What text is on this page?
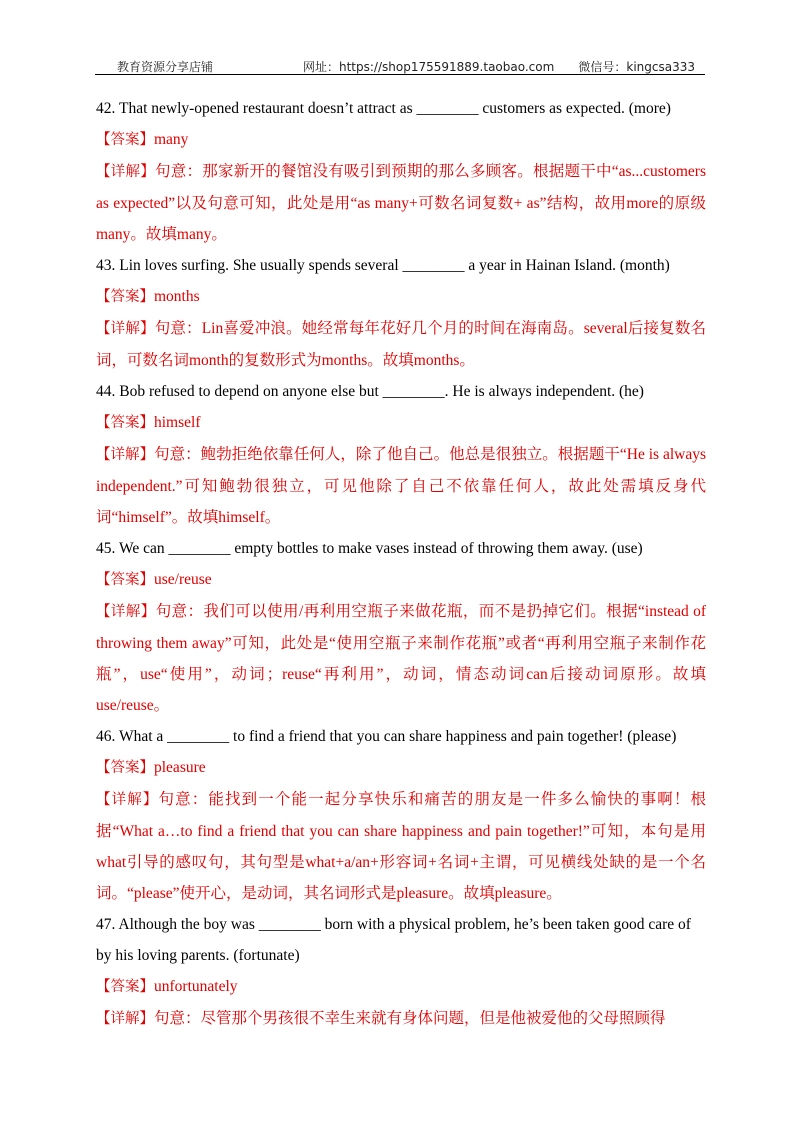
教育资源分享店铺	网址：https://shop175591889.taobao.com 微信号：kingcsa333
42. That newly-opened restaurant doesn’t attract as ________ customers as expected. (more)
【答案】many
【详解】句意：那家新开的餐馆没有吸引到预期的那么多顾客。根据题干中“as...customers as expected”以及句意可知，此处是用“as many+可数名词复数+ as”结构，故用more的原级many。故填many。
43. Lin loves surfing. She usually spends several ________ a year in Hainan Island. (month)
【答案】months
【详解】句意：Lin喜爱冲浪。她经常每年花好几个月的时间在海南岛。several后接复数名词，可数名词month的复数形式为months。故填months。
44. Bob refused to depend on anyone else but ________. He is always independent. (he)
【答案】himself
【详解】句意：鲍勃拒绝依靠任何人，除了他自己。他总是很独立。根据题干“He is always independent.”可知鲍勃很独立，可见他除了自己不依靠任何人，故此处需填反身代词“himself”。故填himself。
45. We can ________ empty bottles to make vases instead of throwing them away. (use)
【答案】use/reuse
【详解】句意：我们可以使用/再利用空瓶子来做花瓶，而不是扔掉它们。根据“instead of throwing them away”可知，此处是“使用空瓶子来制作花瓶”或者“再利用空瓶子来制作花瓶”，use“使用”，动词；reuse“再利用”，动词，情态动词can后接动词原形。故填use/reuse。
46. What a ________ to find a friend that you can share happiness and pain together! (please)
【答案】pleasure
【详解】句意：能找到一个能一起分享快乐和痛苦的朋友是一件多么愉快的事啊！根据“What a…to find a friend that you can share happiness and pain together!”可知，本句是用what引导的感叹句，其句型是what+a/an+形容词+名词+主谓，可见横线处缺的是一个名词。“please”使开心，是动词，其名词形式是pleasure。故填pleasure。
47. Although the boy was ________ born with a physical problem, he’s been taken good care of by his loving parents. (fortunate)
【答案】unfortunately
【详解】句意：尽管那个男孩很不幸生来就有身体问题，但是他被爱他的父母照顾得
